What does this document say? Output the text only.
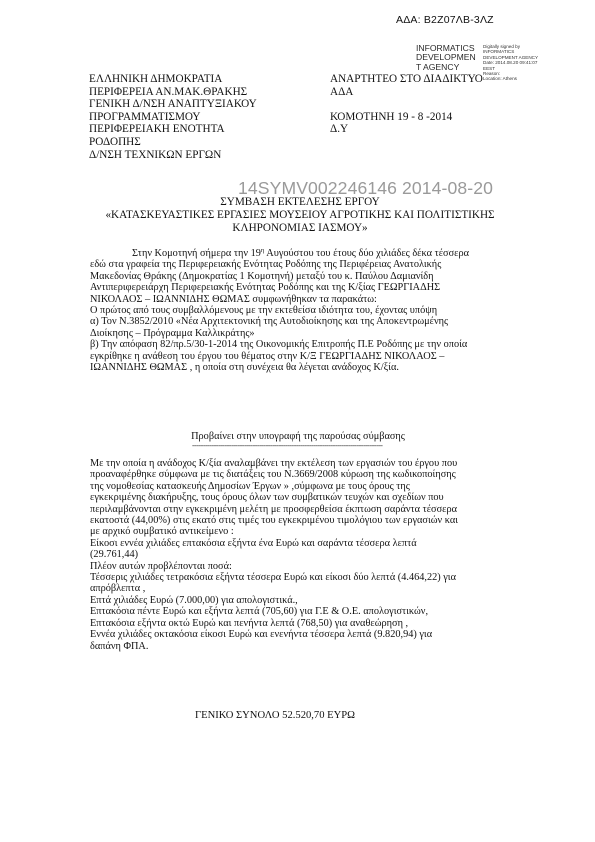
ΑΔΑ: Β2Ζ07ΛΒ-3ΛΖ
INFORMATICS
DEVELOPMEN
T AGENCY
Digitally signed by
INFORMATICS
DEVELOPMENT AGENCY
Date: 2014.08.20 09:41:07
EEST
Reason:
Location: Athens
ΕΛΛΗΝΙΚΗ ΔΗΜΟΚΡΑΤΙΑ
ΠΕΡΙΦΕΡΕΙΑ ΑΝ.ΜΑΚ.ΘΡΑΚΗΣ
ΓΕΝΙΚΗ Δ/ΝΣΗ ΑΝΑΠΤΥΞΙΑΚΟΥ
ΠΡΟΓΡΑΜΜΑΤΙΣΜΟΥ
ΠΕΡΙΦΕΡΕΙΑΚΗ ΕΝΟΤΗΤΑ
ΡΟΔΟΠΗΣ
Δ/ΝΣΗ ΤΕΧΝΙΚΩΝ ΕΡΓΩΝ
ΑΝΑΡΤΗΤΕΟ ΣΤΟ ΔΙΑΔΙΚΤΥΟ
ΑΔΑ
ΚΟΜΟΤΗΝΗ 19 - 8 -2014
Δ.Υ
14SYMV002246146 2014-08-20
ΣΥΜΒΑΣΗ ΕΚΤΕΛΕΣΗΣ ΕΡΓΟΥ
«ΚΑΤΑΣΚΕΥΑΣΤΙΚΕΣ ΕΡΓΑΣΙΕΣ ΜΟΥΣΕΙΟΥ ΑΓΡΟΤΙΚΗΣ ΚΑΙ ΠΟΛΙΤΙΣΤΙΚΗΣ
ΚΛΗΡΟΝΟΜΙΑΣ ΙΑΣΜΟΥ»
Στην Κομοτηνή σήμερα την $19^\eta$ Αυγούστου του έτους δύο χιλιάδες δέκα τέσσερα
εδώ στα γραφεία της Περιφερειακής Ενότητας Ροδόπης της Περιφέρειας Ανατολικής
Μακεδονίας Θράκης (Δημοκρατίας 1 Κομοτηνή) μεταξύ του κ. Παύλου Δαμιανίδη
Αντιπεριφερειάρχη Περιφερειακής Ενότητας Ροδόπης και της Κ/ξίας ΓΕΩΡΓΙΑΔΗΣ
ΝΙΚΟΛΑΟΣ – ΙΩΑΝΝΙΔΗΣ ΘΩΜΑΣ συμφωνήθηκαν τα παρακάτω:
Ο πρώτος από τους συμβαλλόμενους με την εκτεθείσα ιδιότητα του, έχοντας υπόψη
α) Τον Ν.3852/2010 «Νέα Αρχιτεκτονική της Αυτοδιοίκησης και της Αποκεντρωμένης
Διοίκησης – Πρόγραμμα Καλλικράτης»
β) Την απόφαση 82/πρ.5/30-1-2014 της Οικονομικής Επιτροπής Π.Ε Ροδόπης με την οποία
εγκρίθηκε η ανάθεση του έργου του θέματος στην Κ/Ξ ΓΕΩΡΓΙΑΔΗΣ ΝΙΚΟΛΑΟΣ –
ΙΩΑΝΝΙΔΗΣ ΘΩΜΑΣ , η οποία στη συνέχεια θα λέγεται ανάδοχος Κ/ξία.
Προβαίνει στην υπογραφή της παρούσας σύμβασης
----------------------------------------------------------------------------------------
Με την οποία η ανάδοχος Κ/ξία αναλαμβάνει την εκτέλεση των εργασιών του έργου που
προαναφέρθηκε σύμφωνα με τις διατάξεις του Ν.3669/2008 κύρωση της κωδικοποίησης
της νομοθεσίας κατασκευής Δημοσίων Έργων » ,σύμφωνα με τους όρους της
εγκεκριμένης διακήρυξης, τους όρους όλων των συμβατικών τευχών και σχεδίων που
περιλαμβάνονται στην εγκεκριμένη μελέτη με προσφερθείσα έκπτωση σαράντα τέσσερα
εκατοστά (44,00%) στις εκατό στις τιμές του εγκεκριμένου τιμολόγιου των εργασιών και
με αρχικό συμβατικό αντικείμενο :
Είκοσι εννέα χιλιάδες επτακόσια εξήντα ένα Ευρώ και σαράντα τέσσερα λεπτά
(29.761,44)
Πλέον αυτών προβλέπονται ποσά:
Τέσσερις χιλιάδες τετρακόσια εξήντα τέσσερα Ευρώ και είκοσι δύο λεπτά (4.464,22) για
απρόβλεπτα ,
Επτά χιλιάδες Ευρώ (7.000,00) για απολογιστικά.,
Επτακόσια πέντε Ευρώ και εξήντα λεπτά (705,60) για Γ.Ε & Ο.Ε. απολογιστικών,
Επτακόσια εξήντα οκτώ Ευρώ και πενήντα λεπτά (768,50) για αναθεώρηση ,
Εννέα χιλιάδες οκτακόσια είκοσι Ευρώ και ενενήντα τέσσερα λεπτά (9.820,94) για
δαπάνη ΦΠΑ.
ΓΕΝΙΚΟ ΣΥΝΟΛΟ 52.520,70 ΕΥΡΩ
